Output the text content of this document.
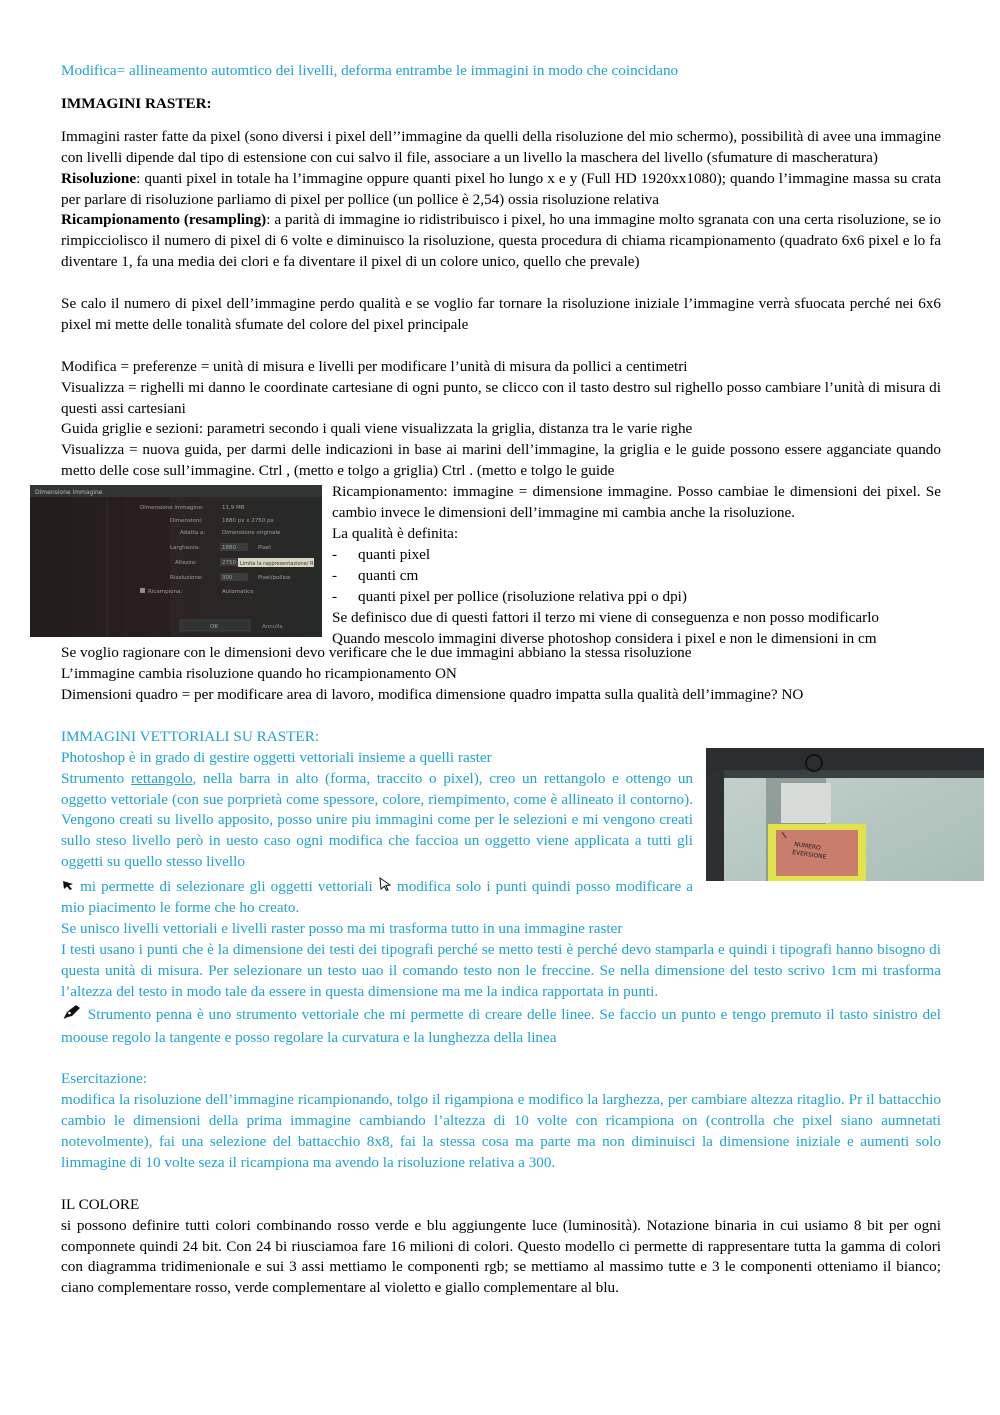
Modifica= allineamento automtico dei livelli, deforma entrambe le immagini in modo che coincidano

IMMAGINI RASTER:

Immagini raster fatte da pixel (sono diversi i pixel dell’’immagine da quelli della risoluzione del mio schermo), possibilità di avee una immagine con livelli dipende dal tipo di estensione con cui salvo il file, associare a un livello la maschera del livello (sfumature di mascheratura)

Risoluzione: quanti pixel in totale ha l’immagine oppure quanti pixel ho lungo x e y (Full HD 1920xx1080); quando l’immagine massa su crata per parlare di risoluzione parliamo di pixel per pollice (un pollice è 2,54) ossia risoluzione relativa

Ricampionamento (resampling): a parità di immagine io ridistribuisco i pixel, ho una immagine molto sgranata con una certa risoluzione, se io rimpicciolisco il numero di pixel di 6 volte e diminuisco la risoluzione, questa procedura di chiama ricampionamento (quadrato 6x6 pixel e lo fa diventare 1, fa una media dei clori e fa diventare il pixel di un colore unico, quello che prevale)

Se calo il numero di pixel dell’immagine perdo qualità e se voglio far tornare la risoluzione iniziale l’immagine verrà sfuocata perché nei 6x6 pixel mi mette delle tonalità sfumate del colore del pixel principale

Modifica = preferenze = unità di misura e livelli per modificare l’unità di misura da pollici a centimetri

Visualizza = righelli mi danno le coordinate cartesiane di ogni punto, se clicco con il tasto destro sul righello posso cambiare l’unità di misura di questi assi cartesiani

Guida griglie e sezioni: parametri secondo i quali viene visualizzata la griglia, distanza tra le varie righe

Visualizza = nuova guida, per darmi delle indicazioni in base ai marini dell’immagine, la griglia e le guide possono essere agganciate quando metto delle cose sull’immagine. Ctrl , (metto e tolgo a griglia) Ctrl . (metto e tolgo le guide

Dimensione immagine
Dimensione immagine:	11,9 MB
Dimensioni:	1880 px x 2750 px
Adatta a:	Dimensione originale
Larghezza:	1880	Pixel
Altezza:	2750
Risoluzione:	300	Pixel/pollice
Limita la rappresentazione/ Rica
Ricampiona:	Automatico
OK	Annulla

Ricampionamento: immagine = dimensione immagine. Posso cambiae le dimensioni dei pixel. Se cambio invece le dimensioni dell’immagine mi cambia anche la risoluzione.

La qualità è definita:

-	quanti pixel
-	quanti cm
-	quanti pixel per pollice (risoluzione relativa ppi o dpi)

Se definisco due di questi fattori il terzo mi viene di conseguenza e non posso modificarlo

Quando mescolo immagini diverse photoshop considera i pixel e non le dimensioni in cm

Se voglio ragionare con le dimensioni devo verificare che le due immagini abbiano la stessa risoluzione

L’immagine cambia risoluzione quando ho ricampionamento ON

Dimensioni quadro = per modificare area di lavoro, modifica dimensione quadro impatta sulla qualità dell’immagine? NO

NUMERO
EVERSIONE

IMMAGINI VETTORIALI SU RASTER:

Photoshop è in grado di gestire oggetti vettoriali insieme a quelli raster

Strumento rettangolo, nella barra in alto (forma, traccito o pixel), creo un rettangolo e ottengo un oggetto vettoriale (con sue porprietà come spessore, colore, riempimento, come è allineato il contorno). Vengono creati su livello apposito, posso unire piu immagini come per le selezioni e mi vengono creati sullo steso livello però in uesto caso ogni modifica che faccioa un oggetto viene applicata a tutti gli oggetti su quello stesso livello
mi permette di selezionare gli oggetti vettoriali  modifica solo i punti quindi posso modificare a mio piacimento le forme che ho creato.

Se unisco livelli vettoriali e livelli raster posso ma mi trasforma tutto in una immagine raster

I testi usano i punti che è la dimensione dei testi dei tipografi perché se metto testi è perché devo stamparla e quindi i tipografi hanno bisogno di questa unità di misura. Per selezionare un testo uao il comando testo non le freccine. Se nella dimensione del testo scrivo 1cm mi trasforma l’altezza del testo in modo tale da essere in questa dimensione ma me la indica rapportata in punti.

Strumento penna è uno strumento vettoriale che mi permette di creare delle linee. Se faccio un punto e tengo premuto il tasto sinistro del moouse regolo la tangente e posso regolare la curvatura e la lunghezza della linea

Esercitazione:

modifica la risoluzione dell’immagine ricampionando, tolgo il rigampiona e modifico la larghezza, per cambiare altezza ritaglio. Pr il battacchio cambio le dimensioni della prima immagine cambiando l’altezza di 10 volte con ricampiona on (controlla che pixel siano aumnetati notevolmente), fai una selezione del battacchio 8x8, fai la stessa cosa ma parte ma non diminuisci la dimensione iniziale e aumenti solo limmagine di 10 volte seza il ricampiona ma avendo la risoluzione relativa a 300.

IL COLORE

si possono definire tutti colori combinando rosso verde e blu aggiungente luce (luminosità). Notazione binaria in cui usiamo 8 bit per ogni componnete quindi 24 bit. Con 24 bi riusciamoa fare 16 milioni di colori. Questo modello ci permette di rappresentare tutta la gamma di colori con diagramma tridimenionale e sui 3 assi mettiamo le componenti rgb; se mettiamo al massimo tutte e 3 le componenti otteniamo il bianco; ciano complementare rosso, verde complementare al violetto e giallo complementare al blu.
